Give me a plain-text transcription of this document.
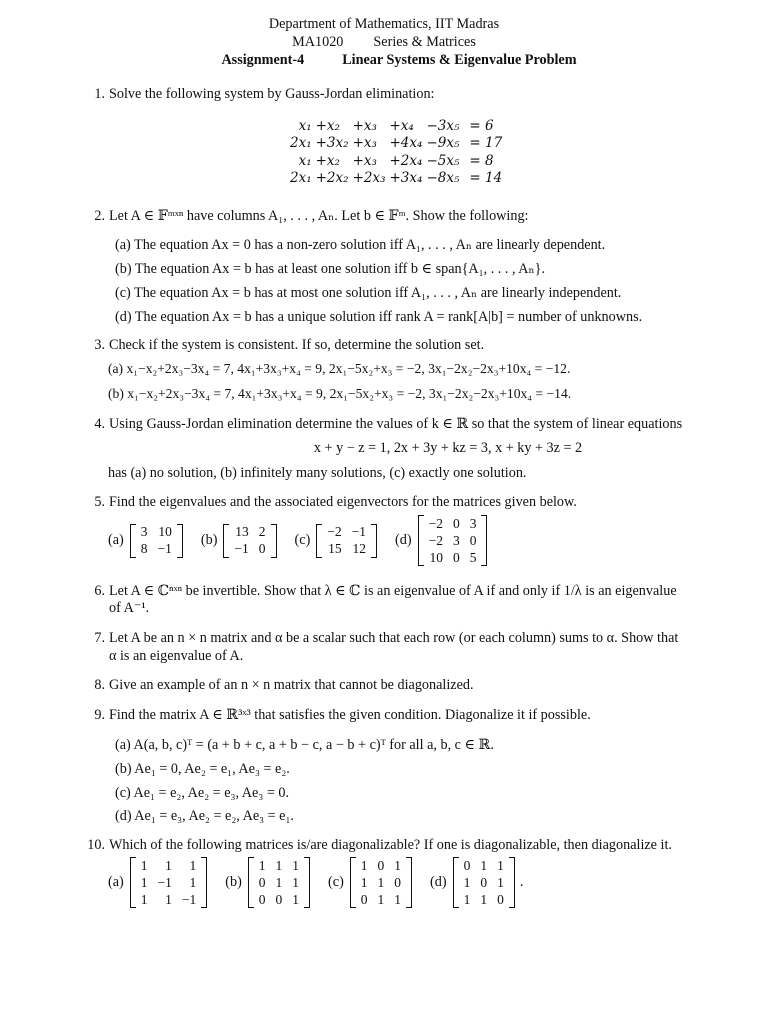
Department of Mathematics, IIT Madras
MA1020 Series & Matrices
Assignment-4	Linear Systems & Eigenvalue Problem
1. Solve the following system by Gauss-Jordan elimination:
x₁	+x₂	+x₃	+x₄	−3x₅	= 6
2x₁	+3x₂	+x₃	+4x₄	−9x₅	= 17
x₁	+x₂	+x₃	+2x₄	−5x₅	= 8
2x₁	+2x₂	+2x₃	+3x₄	−8x₅	= 14
2. Let A ∈ 𝔽ᵐˣⁿ have columns A₁, . . . , Aₙ. Let b ∈ 𝔽ᵐ. Show the following:
(a) The equation Ax = 0 has a non-zero solution iff A₁, . . . , Aₙ are linearly dependent.
(b) The equation Ax = b has at least one solution iff b ∈ span{A₁, . . . , Aₙ}.
(c) The equation Ax = b has at most one solution iff A₁, . . . , Aₙ are linearly independent.
(d) The equation Ax = b has a unique solution iff rank A = rank[A|b] = number of unknowns.
3. Check if the system is consistent. If so, determine the solution set.
(a) x₁−x₂+2x₃−3x₄ = 7, 4x₁+3x₃+x₄ = 9, 2x₁−5x₂+x₃ = −2, 3x₁−2x₂−2x₃+10x₄ = −12.
(b) x₁−x₂+2x₃−3x₄ = 7, 4x₁+3x₃+x₄ = 9, 2x₁−5x₂+x₃ = −2, 3x₁−2x₂−2x₃+10x₄ = −14.
4. Using Gauss-Jordan elimination determine the values of k ∈ ℝ so that the system of linear equations
x + y − z = 1, 2x + 3y + kz = 3, x + ky + 3z = 2
has (a) no solution, (b) infinitely many solutions, (c) exactly one solution.
5. Find the eigenvalues and the associated eigenvectors for the matrices given below.
(a)
3	10
8	−1
(b)
13	2
−1	0
(c)
−2	−1
15	12
(d)
−2	0	3
−2	3	0
10	0	5
6. Let A ∈ ℂⁿˣⁿ be invertible. Show that λ ∈ ℂ is an eigenvalue of A if and only if 1/λ is an eigenvalue
of A⁻¹.
7. Let A be an n × n matrix and α be a scalar such that each row (or each column) sums to α. Show that
α is an eigenvalue of A.
8. Give an example of an n × n matrix that cannot be diagonalized.
9. Find the matrix A ∈ ℝ³ˣ³ that satisfies the given condition. Diagonalize it if possible.
(a) A(a, b, c)ᵀ = (a + b + c, a + b − c, a − b + c)ᵀ for all a, b, c ∈ ℝ.
(b) Ae₁ = 0, Ae₂ = e₁, Ae₃ = e₂.
(c) Ae₁ = e₂, Ae₂ = e₃, Ae₃ = 0.
(d) Ae₁ = e₃, Ae₂ = e₂, Ae₃ = e₁.
10. Which of the following matrices is/are diagonalizable? If one is diagonalizable, then diagonalize it.
(a)
1	1	1
1	−1	1
1	1	−1
(b)
1	1	1
0	1	1
0	0	1
(c)
1	0	1
1	1	0
0	1	1
(d)
0	1	1
1	0	1
1	1	0
.
